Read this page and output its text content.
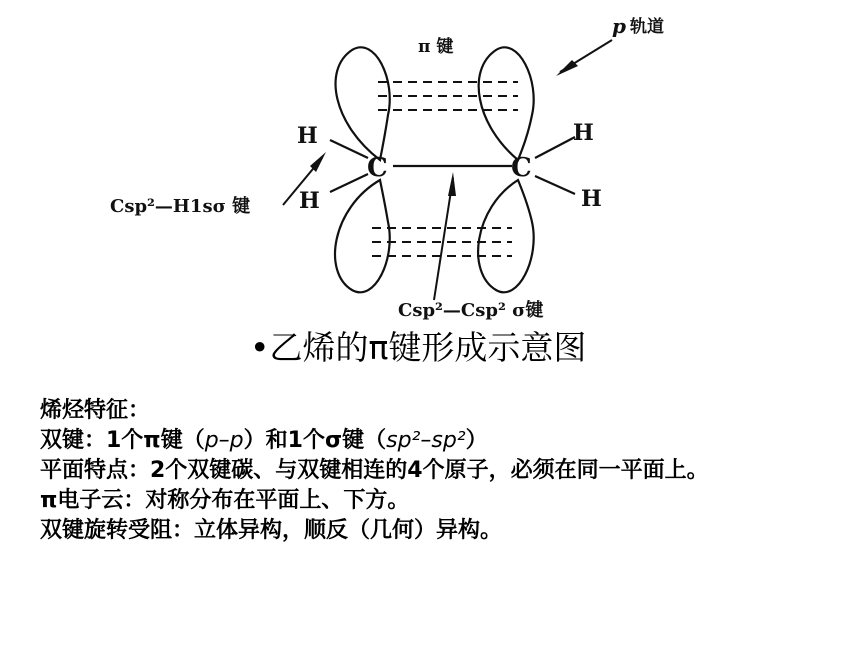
π 键
p 轨道
C	C
H
H
H
H
Csp²—H1sσ 键
Csp²—Csp² σ键
•乙烯的π键形成示意图

烯烃特征：

双键：1个π键（p–p）和1个σ键（sp²–sp²）

平面特点：2个双键碳、与双键相连的4个原子，必须在同一平面上。

π电子云：对称分布在平面上、下方。

双键旋转受阻：立体异构，顺反（几何）异构。
